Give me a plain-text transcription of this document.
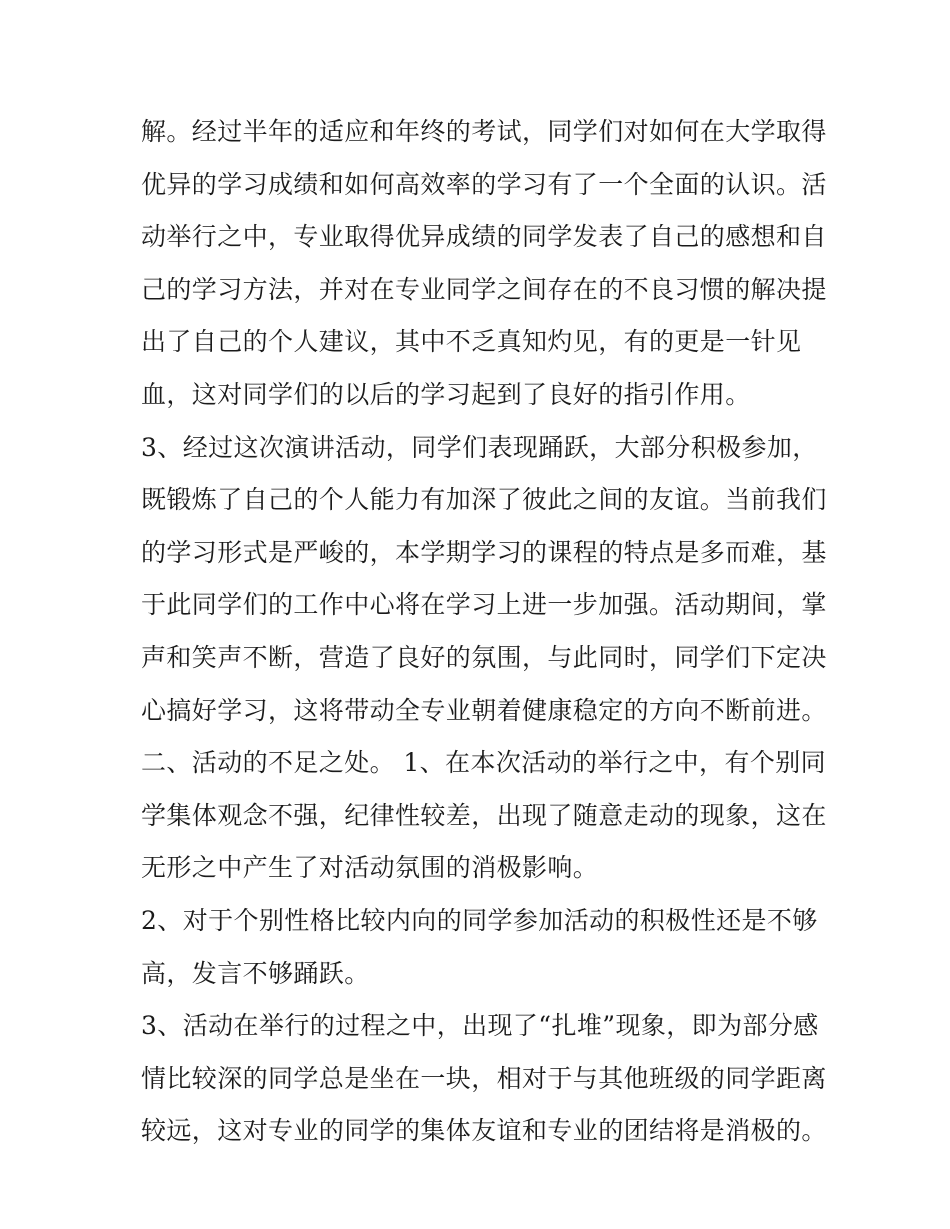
解。经过半年的适应和年终的考试，同学们对如何在大学取得
优异的学习成绩和如何高效率的学习有了一个全面的认识。活
动举行之中，专业取得优异成绩的同学发表了自己的感想和自
己的学习方法，并对在专业同学之间存在的不良习惯的解决提
出了自己的个人建议，其中不乏真知灼见，有的更是一针见
血，这对同学们的以后的学习起到了良好的指引作用。
3、经过这次演讲活动，同学们表现踊跃，大部分积极参加，
既锻炼了自己的个人能力有加深了彼此之间的友谊。当前我们
的学习形式是严峻的，本学期学习的课程的特点是多而难，基
于此同学们的工作中心将在学习上进一步加强。活动期间，掌
声和笑声不断，营造了良好的氛围，与此同时，同学们下定决
心搞好学习，这将带动全专业朝着健康稳定的方向不断前进。
二、活动的不足之处。 1、在本次活动的举行之中，有个别同
学集体观念不强，纪律性较差，出现了随意走动的现象，这在
无形之中产生了对活动氛围的消极影响。
2、对于个别性格比较内向的同学参加活动的积极性还是不够
高，发言不够踊跃。
3、活动在举行的过程之中，出现了“扎堆”现象，即为部分感
情比较深的同学总是坐在一块，相对于与其他班级的同学距离
较远，这对专业的同学的集体友谊和专业的团结将是消极的。
